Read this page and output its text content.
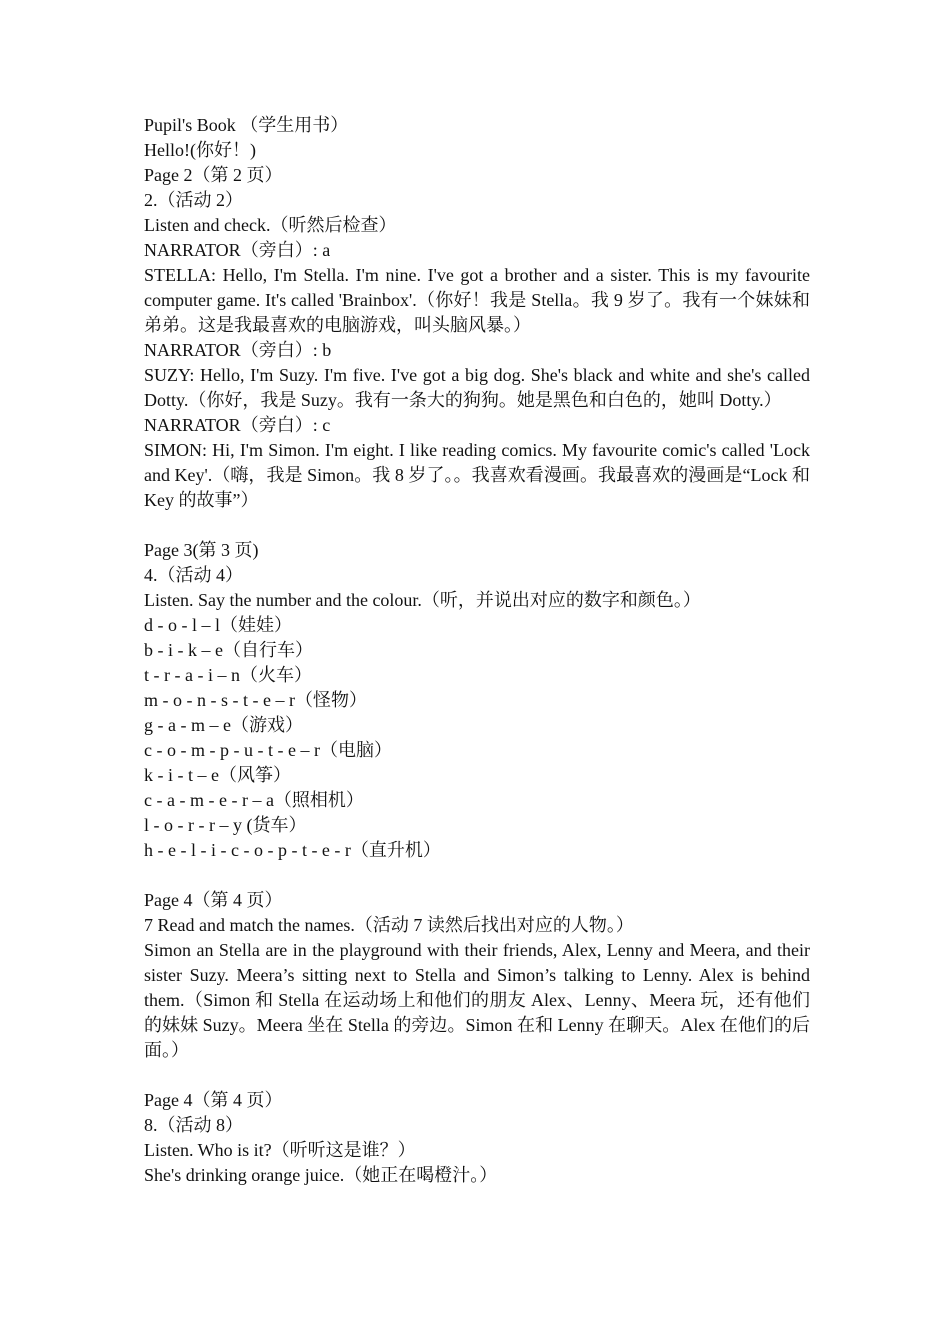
Pupil's Book （学生用书）
Hello!(你好！)
Page 2（第 2 页）
2.（活动 2）
Listen and check.（听然后检查）
NARRATOR（旁白）: a
STELLA: Hello, I'm Stella. I'm nine. I've got a brother and a sister. This is my favourite computer game. It's called 'Brainbox'.（你好！我是 Stella。我 9 岁了。我有一个妹妹和弟弟。这是我最喜欢的电脑游戏，叫头脑风暴。）
NARRATOR（旁白）: b
SUZY: Hello, I'm Suzy. I'm five. I've got a big dog. She's black and white and she's called Dotty.（你好，我是 Suzy。我有一条大的狗狗。她是黑色和白色的，她叫 Dotty.）
NARRATOR（旁白）: c
SIMON: Hi, I'm Simon. I'm eight. I like reading comics. My favourite comic's called 'Lock and Key'.（嗨，我是 Simon。我 8 岁了。。我喜欢看漫画。我最喜欢的漫画是“Lock 和 Key 的故事”）
Page 3(第 3 页)
4.（活动 4）
Listen. Say the number and the colour.（听，并说出对应的数字和颜色。）
d - o - l – l（娃娃）
b - i - k – e（自行车）
t - r - a - i – n（火车）
m - o - n - s - t - e – r（怪物）
g - a - m – e（游戏）
c - o - m - p - u - t - e – r（电脑）
k - i - t – e（风筝）
c - a - m - e - r – a（照相机）
l - o - r - r – y (货车）
h - e - l - i - c - o - p - t - e - r（直升机）
Page 4（第 4 页）
7 Read and match the names.（活动 7 读然后找出对应的人物。）
Simon an Stella are in the playground with their friends, Alex, Lenny and Meera, and their sister Suzy. Meera’s sitting next to Stella and Simon’s talking to Lenny. Alex is behind them.（Simon 和 Stella 在运动场上和他们的朋友 Alex、Lenny、Meera 玩，还有他们的妹妹 Suzy。Meera 坐在 Stella 的旁边。Simon 在和 Lenny 在聊天。Alex 在他们的后面。）
Page 4（第 4 页）
8.（活动 8）
Listen. Who is it?（听听这是谁？）
She's drinking orange juice.（她正在喝橙汁。）
